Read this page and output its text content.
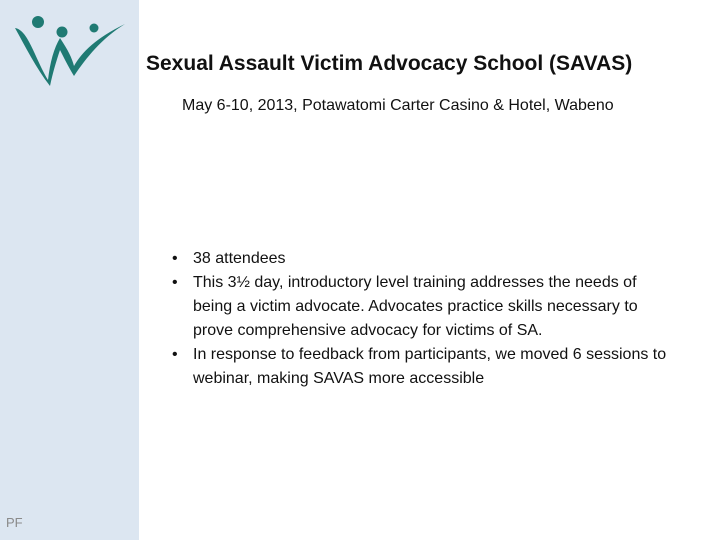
Sexual Assault Victim Advocacy School (SAVAS)
May 6-10, 2013, Potawatomi Carter Casino & Hotel, Wabeno
• 38 attendees
• This 3½ day, introductory level training addresses the needs of being a victim advocate. Advocates practice skills necessary to prove comprehensive advocacy for victims of SA.
• In response to feedback from participants, we moved 6 sessions to webinar, making SAVAS more accessible
PF
